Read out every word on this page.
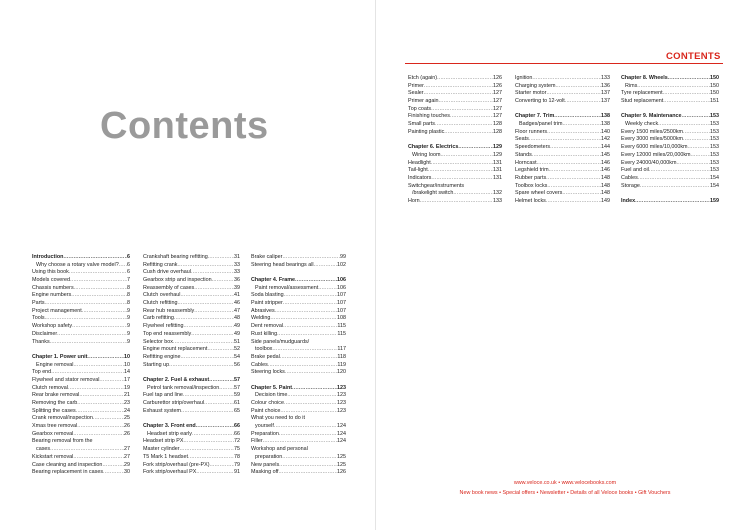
Contents
CONTENTS
Introduction .....	6
Why choose a rotary valve model? ..... 6
Using this book .....	6
Models covered .....	7
Chassis numbers .....	8
Engine numbers .....	8
Parts .....	8
Project management .....	9
Tools .....	9
Workshop safety .....	9
Disclaimer .....	9
Thanks .....	9
Chapter 1. Power unit .....	10
Engine removal .....	10
Top end .....	14
Flywheel and stator removal .....	17
Clutch removal .....	19
Rear brake removal .....	21
Removing the carb .....	23
Splitting the cases .....	24
Crank removal/inspection .....	25
Xmas tree removal .....	26
Gearbox removal .....	26
Bearing removal from the
cases .....	27
Kickstart removal .....	27
Case cleaning and inspection .....	29
Bearing replacement in cases .....	30
Crankshaft bearing refitting .....	31
Refitting crank .....	33
Cush drive overhaul .....	33
Gearbox strip and inspection .....	36
Reassembly of cases .....	39
Clutch overhaul .....	41
Clutch refitting .....	46
Rear hub reassembly .....	47
Carb refitting .....	48
Flywheel refitting .....	49
Top end reassembly .....	49
Selector box .....	51
Engine mount replacement .....	52
Refitting engine .....	54
Starting up .....	56
Chapter 2. Fuel & exhaust .....	57
Petrol tank removal/inspection .....	57
Fuel tap and line .....	59
Carburettor strip/overhaul .....	61
Exhaust system .....	65
Chapter 3. Front end .....	66
Headset strip early .....	66
Headset strip PX .....	72
Master cylinder .....	75
T5 Mark 1 headset .....	78
Fork strip/overhaul (pre-PX) .....	79
Fork strip/overhaul PX .....	91
Brake caliper .....	99
Steering head bearings all .....	102
Chapter 4. Frame .....	106
Paint removal/assessment .....	106
Soda blasting .....	107
Paint stripper .....	107
Abrasives .....	107
Welding .....	108
Dent removal .....	115
Rust killing .....	115
Side panels/mudguards/
toolbox .....	117
Brake pedal .....	118
Cables .....	119
Steering locks .....	120
Chapter 5. Paint .....	123
Decision time .....	123
Colour choice .....	123
Paint choice .....	123
What you need to do it
yourself .....	124
Preparation .....	124
Filler .....	124
Workshop and personal
preparation .....	125
New panels .....	125
Masking off .....	126
Etch (again) .....	126
Primer .....	126
Sealer .....	127
Primer again .....	127
Top coats .....	127
Finishing touches .....	127
Small parts .....	128
Painting plastic .....	128
Chapter 6. Electrics .....	129
Wiring loom .....	129
Headlight .....	131
Tail-light .....	131
Indicators .....	131
Switchgear/instruments
/brakelight switch .....	132
Horn .....	133
Ignition .....	133
Charging system .....	136
Starter motor .....	137
Converting to 12-volt .....	137
Chapter 7. Trim .....	138
Badges/panel trim .....	138
Floor runners .....	140
Seats .....	142
Speedometers .....	144
Stands .....	145
Horncast .....	146
Legshield trim .....	146
Rubber parts .....	148
Toolbox locks .....	148
Spare wheel covers .....	148
Helmet locks .....	149
Chapter 8. Wheels .....	150
Rims .....	150
Tyre replacement .....	150
Stud replacement .....	151
Chapter 9. Maintenance .....	153
Weekly check .....	153
Every 1500 miles/2500km .....	153
Every 3000 miles/5000km .....	153
Every 6000 miles/10,000km .....	153
Every 12000 miles/20,000km .....	153
Every 24000/40,000km .....	153
Fuel and oil .....	153
Cables .....	154
Storage .....	154
Index .....	159
www.veloce.co.uk • www.velocebooks.com
New book news • Special offers • Newsletter • Details of all Veloce books • Gift Vouchers
